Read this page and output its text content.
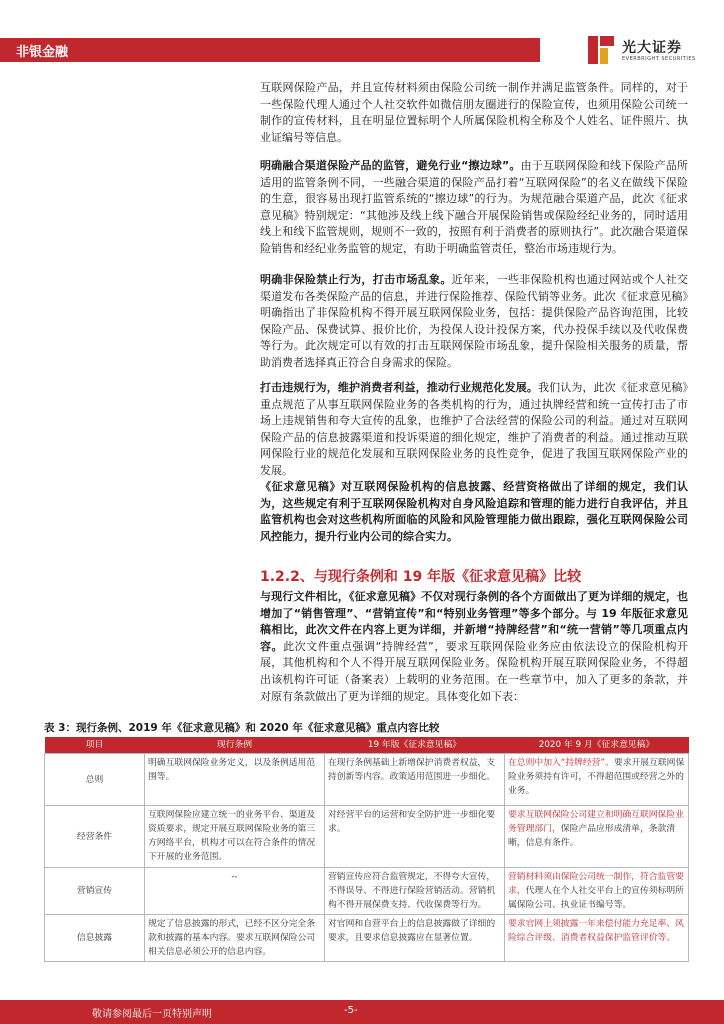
非银金融	光大证券
EVERBRIGHT SECURITIES
互联网保险产品，并且宣传材料须由保险公司统一制作并满足监管条件。同样的，对于一些保险代理人通过个人社交软件如微信朋友圈进行的保险宣传，也须用保险公司统一制作的宣传材料，且在明显位置标明个人所属保险机构全称及个人姓名、证件照片、执业证编号等信息。
明确融合渠道保险产品的监管，避免行业“擦边球”。由于互联网保险和线下保险产品所适用的监管条例不同，一些融合渠道的保险产品打着“互联网保险”的名义在做线下保险的生意，很容易出现打监管系统的“擦边球”的行为。为规范融合渠道产品，此次《征求意见稿》特别规定：“其他涉及线上线下融合开展保险销售或保险经纪业务的，同时适用线上和线下监管规则，规则不一致的，按照有利于消费者的原则执行”。此次融合渠道保险销售和经纪业务监管的规定，有助于明确监管责任，整治市场违规行为。
明确非保险禁止行为，打击市场乱象。近年来，一些非保险机构也通过网站或个人社交渠道发布各类保险产品的信息，并进行保险推荐、保险代销等业务。此次《征求意见稿》明确指出了非保险机构不得开展互联网保险业务，包括：提供保险产品咨询范围，比较保险产品、保费试算、报价比价，为投保人设计投保方案，代办投保手续以及代收保费等行为。此次规定可以有效的打击互联网保险市场乱象，提升保险相关服务的质量，帮助消费者选择真正符合自身需求的保险。
打击违规行为，维护消费者利益，推动行业规范化发展。我们认为，此次《征求意见稿》重点规范了从事互联网保险业务的各类机构的行为，通过执牌经营和统一宣传打击了市场上违规销售和夸大宣传的乱象，也维护了合法经营的保险公司的利益。通过对互联网保险产品的信息披露渠道和投诉渠道的细化规定，维护了消费者的利益。通过推动互联网保险行业的规范化发展和互联网保险业务的良性竞争，促进了我国互联网保险产业的发展。
《征求意见稿》对互联网保险机构的信息披露、经营资格做出了详细的规定，我们认为，这些规定有利于互联网保险机构对自身风险追踪和管理的能力进行自我评估，并且监管机构也会对这些机构所面临的风险和风险管理能力做出跟踪，强化互联网保险公司风控能力，提升行业内公司的综合实力。
1.2.2、与现行条例和 19 年版《征求意见稿》比较
与现行文件相比，《征求意见稿》不仅对现行条例的各个方面做出了更为详细的规定，也增加了“销售管理”、“营销宣传”和“特别业务管理”等多个部分。与 19 年版征求意见稿相比，此次文件在内容上更为详细，并新增“持牌经营”和“统一营销”等几项重点内容。此次文件重点强调“持牌经营”，要求互联网保险业务应由依法设立的保险机构开展，其他机构和个人不得开展互联网保险业务。保险机构开展互联网保险业务，不得超出该机构许可证（备案表）上载明的业务范围。在一些章节中，加入了更多的条款，并对原有条款做出了更为详细的规定。具体变化如下表：
表 3：现行条例、2019 年《征求意见稿》和 2020 年《征求意见稿》重点内容比较
项目	现行条例	19 年版《征求意见稿》	2020 年 9 月《征求意见稿》
总则	明确互联网保险业务定义，以及条例适用范围等。	在现行条例基础上新增保护消费者权益，支持创新等内容。政策适用范围进一步细化。	在总则中加入“持牌经营”。要求开展互联网保险业务须持有许可，不得超范围或经营之外的业务。
经营条件	互联网保险应建立统一的业务平台、渠道及资质要求，规定开展互联网保险业务的第三方网络平台，机构才可以在符合条件的情况下开展的业务范围。	对经营平台的运营和安全防护进一步细化要求。	要求互联网保险公司建立和明确互联网保险业务管理部门，保险产品应形成清单，条款清晰，信息有条件。
营销宣传	--	营销宣传应符合监管规定，不得夸大宣传，不得误导、不得进行保险营销活动。营销机构不得开展保费支持、代收保费等行为。	营销材料须由保险公司统一制作，符合监管要求，代理人在个人社交平台上的宣传须标明所属保险公司、执业证书编号等。
信息披露	规定了信息披露的形式，已经不区分完全条款和披露的基本内容。要求互联网保险公司相关信息必须公开的信息内容。	对官网和自营平台上的信息披露做了详细的要求，且要求信息披露应在显著位置。	要求官网上须披露一年来偿付能力充足率、风险综合评级、消费者权益保护监管评价等。
敬请参阅最后一页特别声明	-5-
